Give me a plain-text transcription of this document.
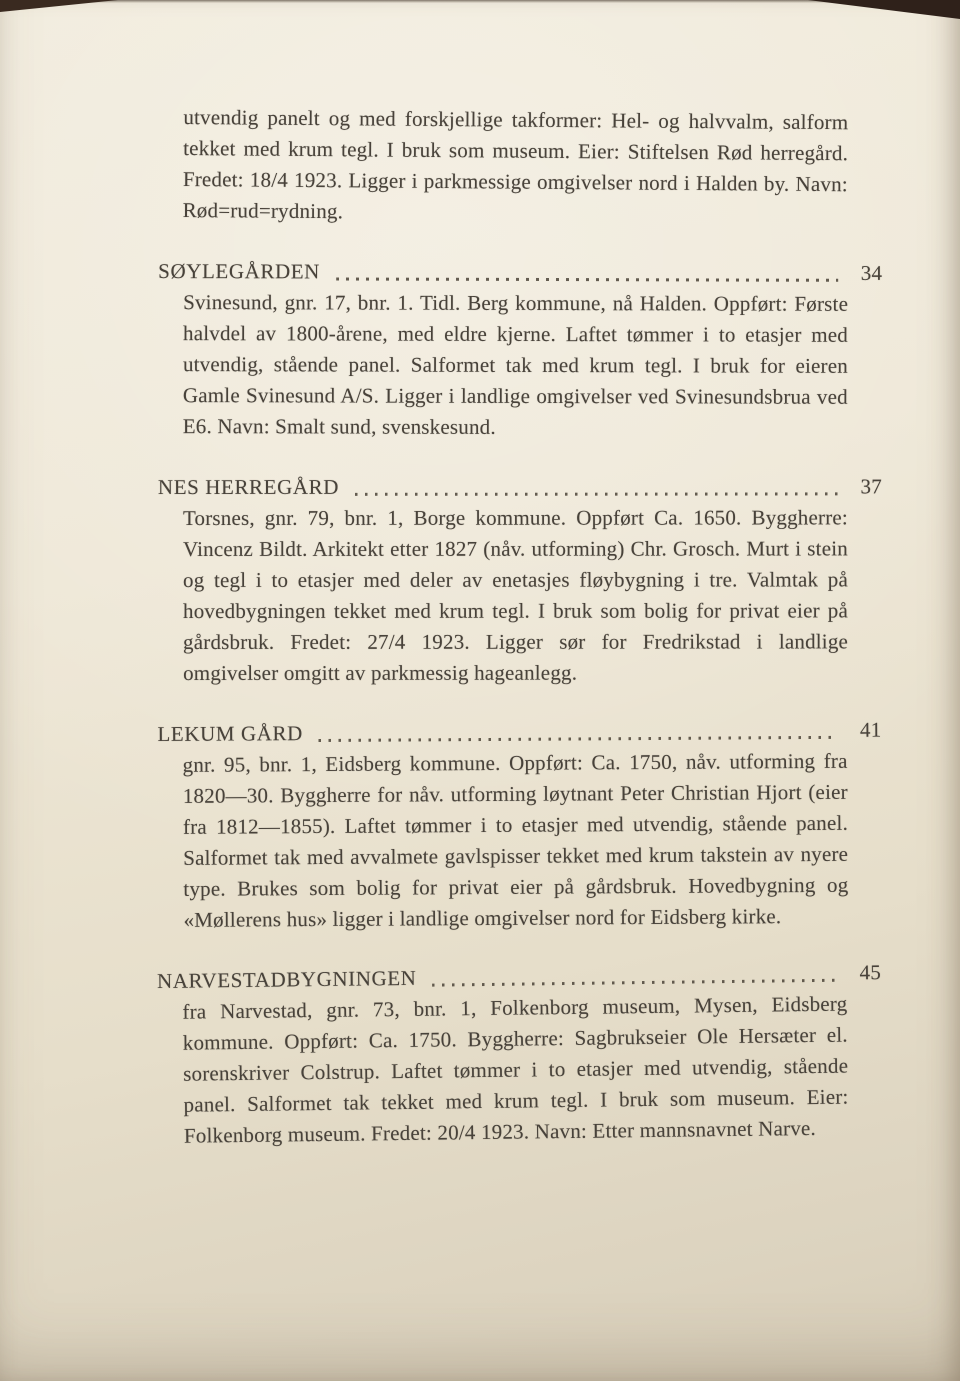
utvendig panelt og med forskjellige takformer: Hel- og halvvalm, salform tekket med krum tegl. I bruk som museum. Eier: Stiftelsen Rød herregård. Fredet: 18/4 1923. Ligger i parkmessige omgivelser nord i Halden by. Navn: Rød=rud=rydning.

SØYLEGÅRDEN	34

Svinesund, gnr. 17, bnr. 1. Tidl. Berg kommune, nå Halden. Oppført: Første halvdel av 1800-årene, med eldre kjerne. Laftet tømmer i to etasjer med utvendig, stående panel. Salformet tak med krum tegl. I bruk for eieren Gamle Svinesund A/S. Ligger i landlige omgivelser ved Svinesundsbrua ved E6. Navn: Smalt sund, svenskesund.

NES HERREGÅRD	37

Torsnes, gnr. 79, bnr. 1, Borge kommune. Oppført Ca. 1650. Byggherre: Vincenz Bildt. Arkitekt etter 1827 (nåv. utforming) Chr. Grosch. Murt i stein og tegl i to etasjer med deler av enetasjes fløybygning i tre. Valmtak på hovedbygningen tekket med krum tegl. I bruk som bolig for privat eier på gårdsbruk. Fredet: 27/4 1923. Ligger sør for Fredrikstad i landlige omgivelser omgitt av parkmessig hageanlegg.

LEKUM GÅRD	41

gnr. 95, bnr. 1, Eidsberg kommune. Oppført: Ca. 1750, nåv. utforming fra 1820—30. Byggherre for nåv. utforming løytnant Peter Christian Hjort (eier fra 1812—1855). Laftet tømmer i to etasjer med utvendig, stående panel. Salformet tak med avvalmete gavlspisser tekket med krum takstein av nyere type. Brukes som bolig for privat eier på gårdsbruk. Hovedbygning og «Møllerens hus» ligger i landlige omgivelser nord for Eidsberg kirke.

NARVESTADBYGNINGEN	45

fra Narvestad, gnr. 73, bnr. 1, Folkenborg museum, Mysen, Eidsberg kommune. Oppført: Ca. 1750. Byggherre: Sagbrukseier Ole Hersæter el. sorenskriver Colstrup. Laftet tømmer i to etasjer med utvendig, stående panel. Salformet tak tekket med krum tegl. I bruk som museum. Eier: Folkenborg museum. Fredet: 20/4 1923. Navn: Etter mannsnavnet Narve.
